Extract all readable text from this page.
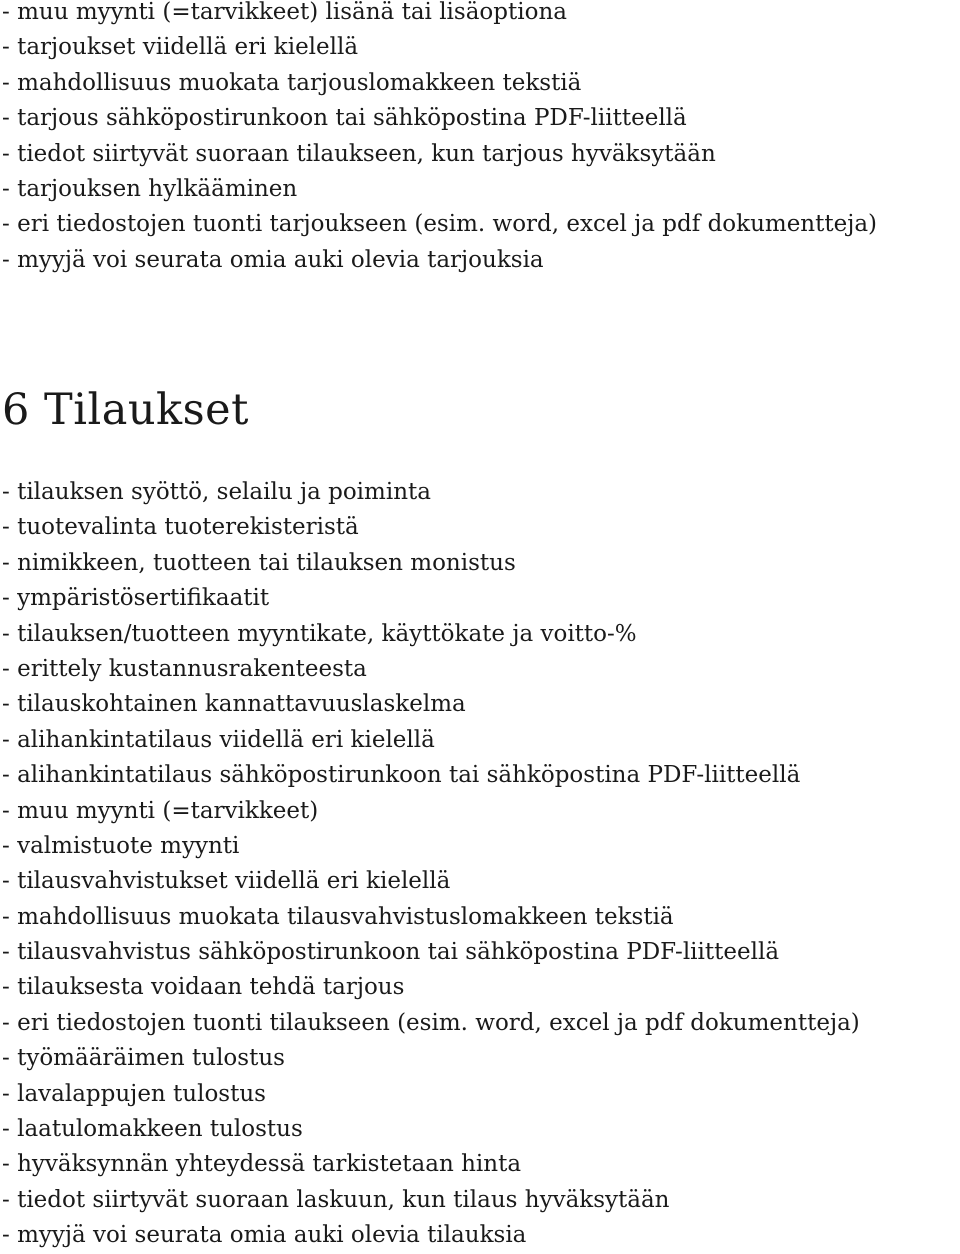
- muu myynti (=tarvikkeet) lisänä tai lisäoptiona
- tarjoukset viidellä eri kielellä
- mahdollisuus muokata tarjouslomakkeen tekstiä
- tarjous sähköpostirunkoon tai sähköpostina PDF-liitteellä
- tiedot siirtyvät suoraan tilaukseen, kun tarjous hyväksytään
- tarjouksen hylkääminen
- eri tiedostojen tuonti tarjoukseen (esim. word, excel ja pdf dokumentteja)
- myyjä voi seurata omia auki olevia tarjouksia
6 Tilaukset
- tilauksen syöttö, selailu ja poiminta
- tuotevalinta tuoterekisteristä
- nimikkeen, tuotteen tai tilauksen monistus
- ympäristösertifikaatit
- tilauksen/tuotteen myyntikate, käyttökate ja voitto-%
- erittely kustannusrakenteesta
- tilauskohtainen kannattavuuslaskelma
- alihankintatilaus viidellä eri kielellä
- alihankintatilaus sähköpostirunkoon tai sähköpostina PDF-liitteellä
- muu myynti (=tarvikkeet)
- valmistuote myynti
- tilausvahvistukset viidellä eri kielellä
- mahdollisuus muokata tilausvahvistuslomakkeen tekstiä
- tilausvahvistus sähköpostirunkoon tai sähköpostina PDF-liitteellä
- tilauksesta voidaan tehdä tarjous
- eri tiedostojen tuonti tilaukseen (esim. word, excel ja pdf dokumentteja)
- työmääräimen tulostus
- lavalappujen tulostus
- laatulomakkeen tulostus
- hyväksynnän yhteydessä tarkistetaan hinta
- tiedot siirtyvät suoraan laskuun, kun tilaus hyväksytään
- myyjä voi seurata omia auki olevia tilauksia
